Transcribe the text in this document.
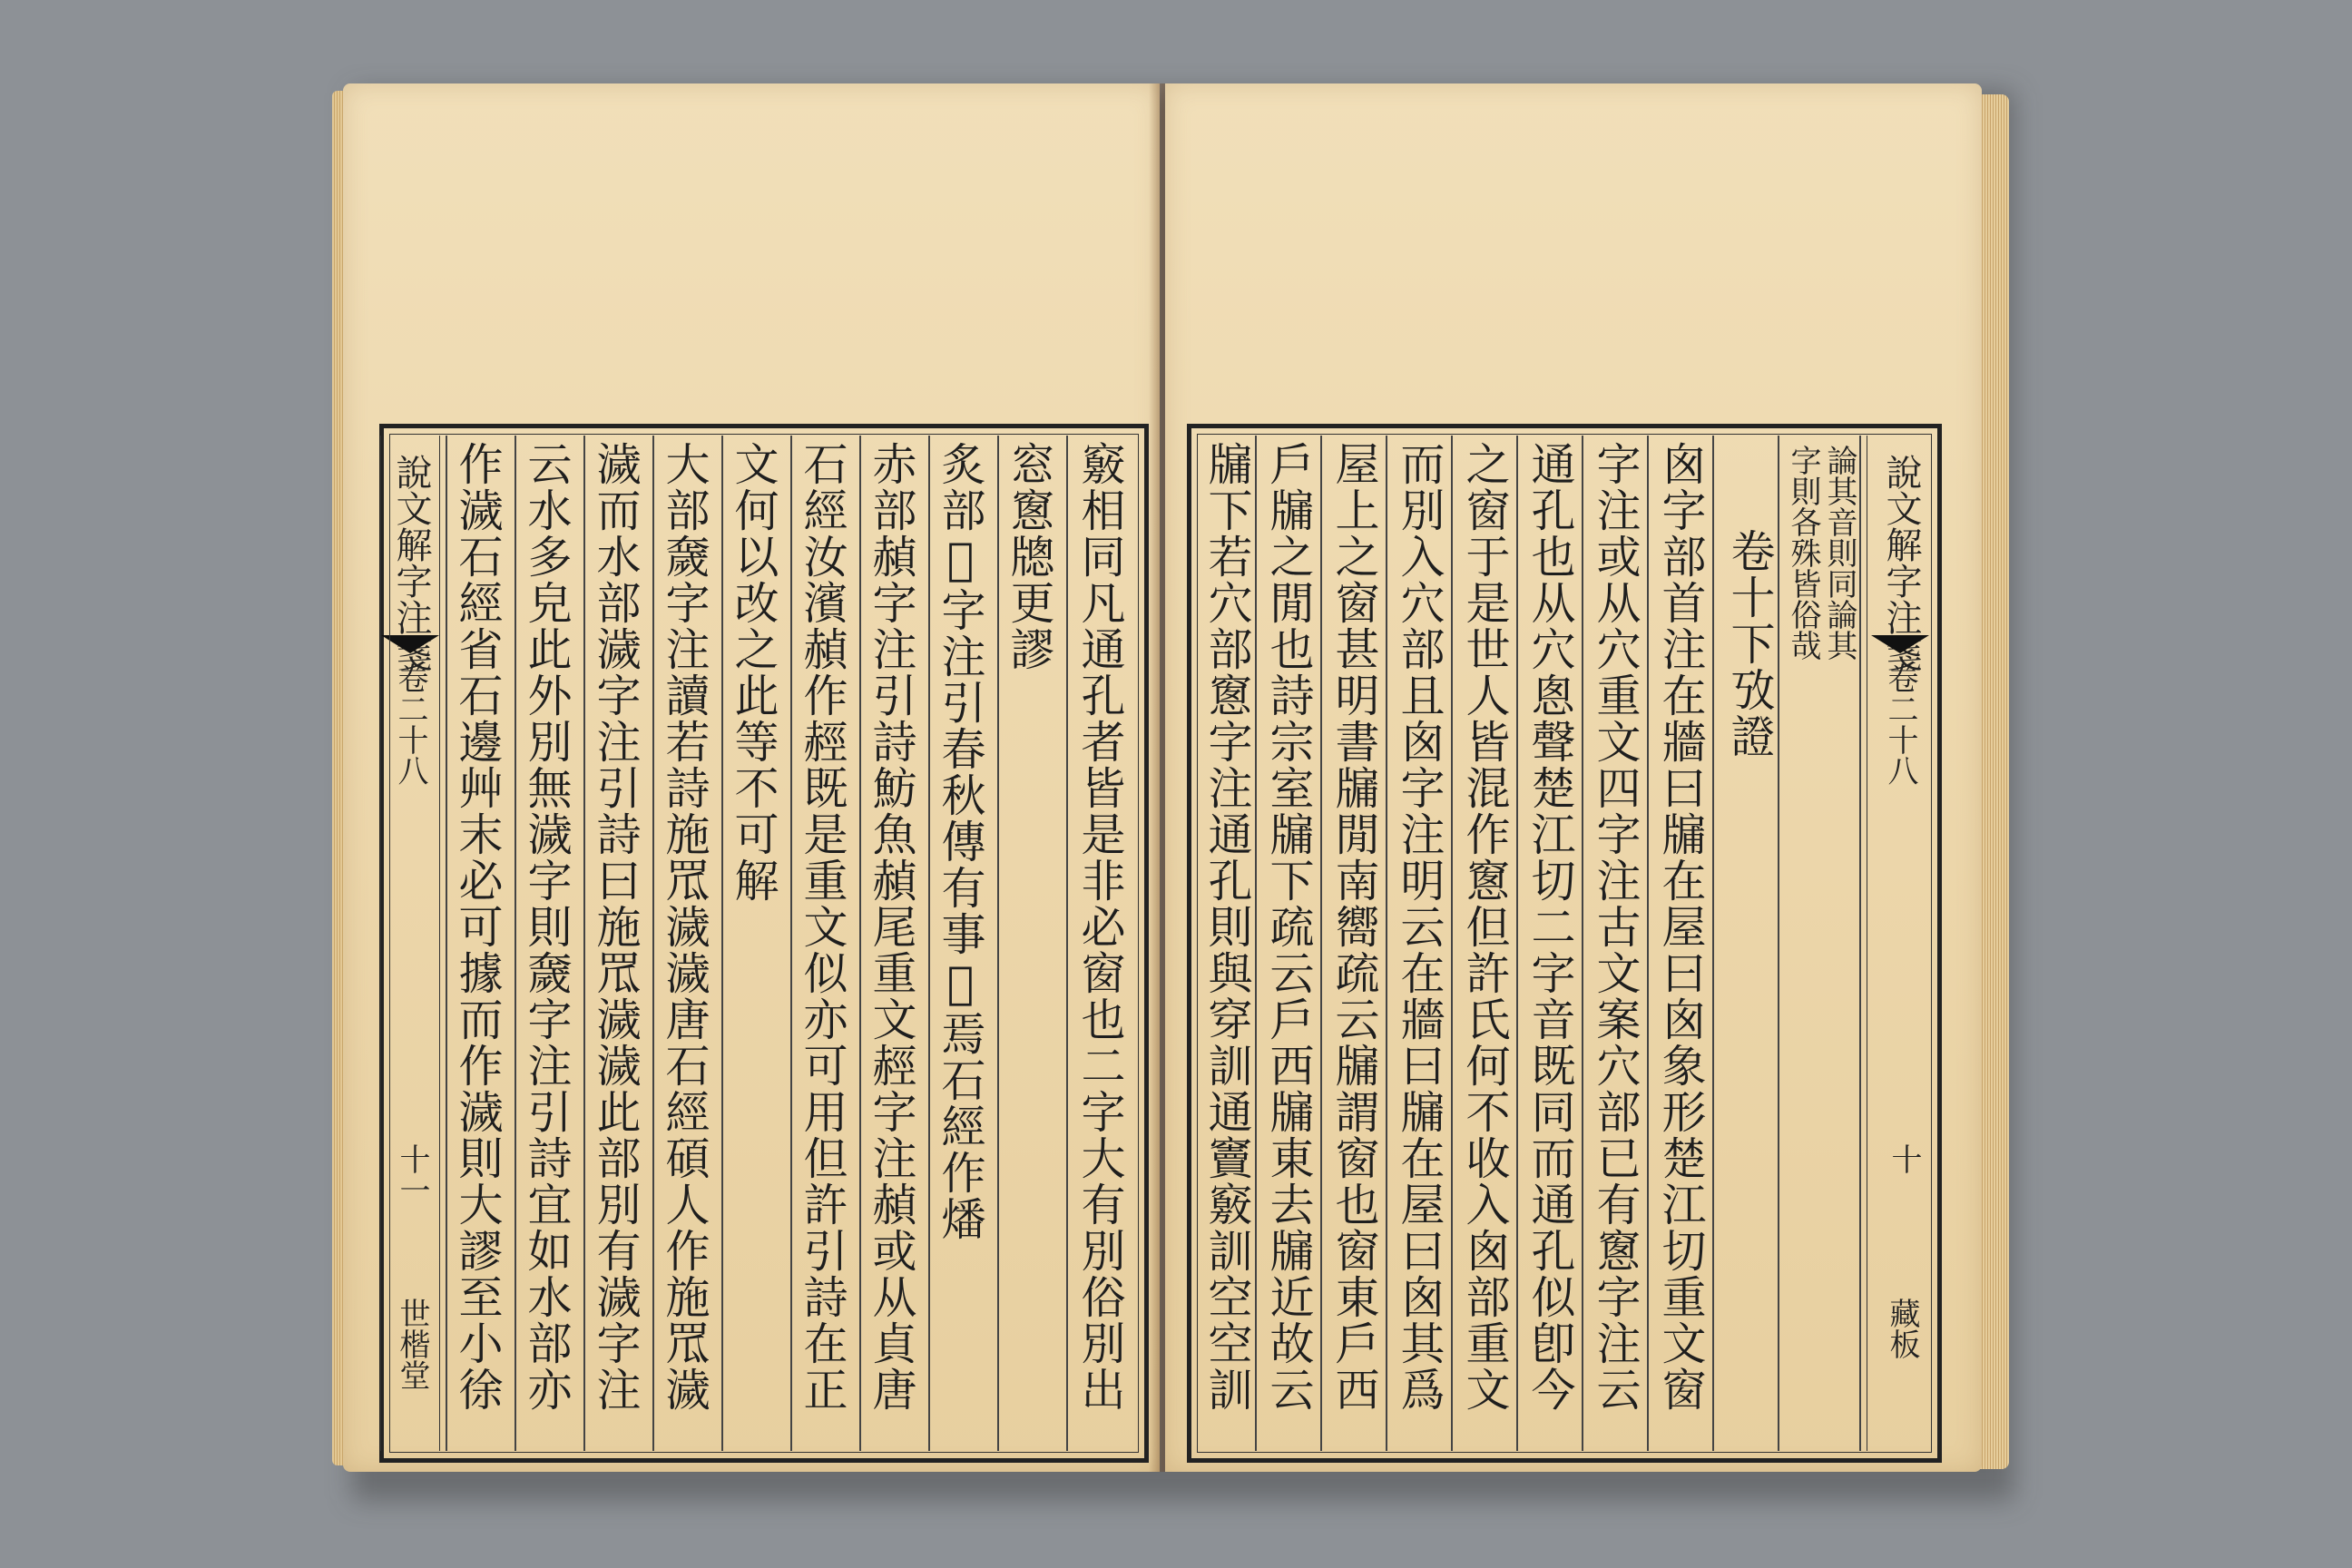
說文解字注箋
卷二十八
十一
世楷堂 作濊石經省石邊艸末必可據而作濊則大謬至小徐 云水多皃此外別無濊字則奯字注引詩宜如水部亦 濊而水部濊字注引詩曰施罛濊濊此部別有濊字注 大部奯字注讀若詩施罛濊濊唐石經碩人作施罛濊 文何以改之此等不可解 石經汝濱赬作䞓既是重文似亦可用但許引詩在正 赤部赬字注引詩魴魚赬尾重文䞓字注赬或从貞唐 炙部𤓰字注引春秋傳有事𤓰焉石經作燔 窓窻牕更謬 竅相同凡通孔者皆是非必窗也二字大有別俗別出 牖下若穴部窻字注通孔則與穿訓通竇竅訓空空訓 戶牖之閒也詩宗室牖下疏云戶西牖東去牖近故云 屋上之窗甚明書牖閒南嚮疏云牖謂窗也窗東戶西 而別入穴部且囪字注明云在牆曰牖在屋曰囪其爲 之窗于是世人皆混作窻但許氏何不收入囪部重文 通孔也从穴悤聲楚江切二字音既同而通孔似卽今 字注或从穴重文四字注古文案穴部已有窻字注云 囪字部首注在牆曰牖在屋曰囪象形楚江切重文窗 卷十下攷證 字則各殊皆俗哉 論其音則同論其 說文解字注箋
卷二十八
十
藏板
